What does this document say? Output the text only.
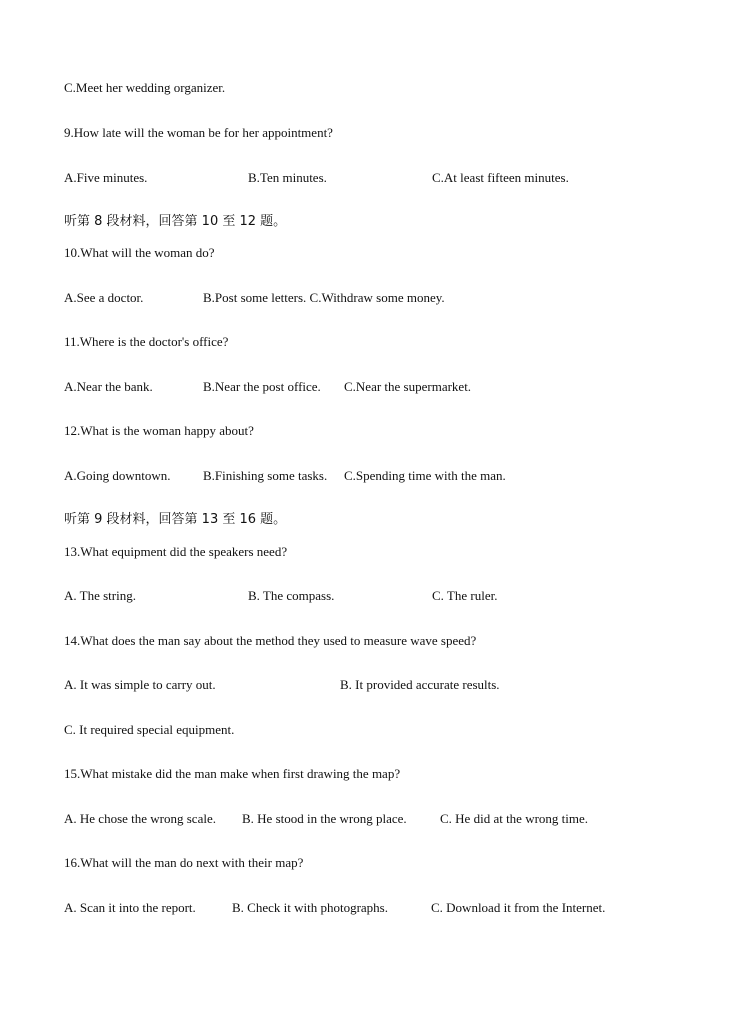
C.Meet her wedding organizer.
9.How late will the woman be for her appointment?
A.Five minutes.	B.Ten minutes.	C.At least fifteen minutes.
听第 8 段材料，回答第 10 至 12 题。
10.What will the woman do?
A.See a doctor.	B.Post some letters. C.Withdraw some money.
11.Where is the doctor's office?
A.Near the bank.	B.Near the post office. C.Near the supermarket.
12.What is the woman happy about?
A.Going downtown. B.Finishing some tasks. C.Spending time with the man.
听第 9 段材料，回答第 13 至 16 题。
13.What equipment did the speakers need?
A. The string.	B. The compass.	C. The ruler.
14.What does the man say about the method they used to measure wave speed?
A. It was simple to carry out.	B. It provided accurate results.
C. It required special equipment.
15.What mistake did the man make when first drawing the map?
A. He chose the wrong scale. B. He stood in the wrong place.	C. He did at the wrong time.
16.What will the man do next with their map?
A. Scan it into the report.	B. Check it with photographs.	C. Download it from the Internet.
